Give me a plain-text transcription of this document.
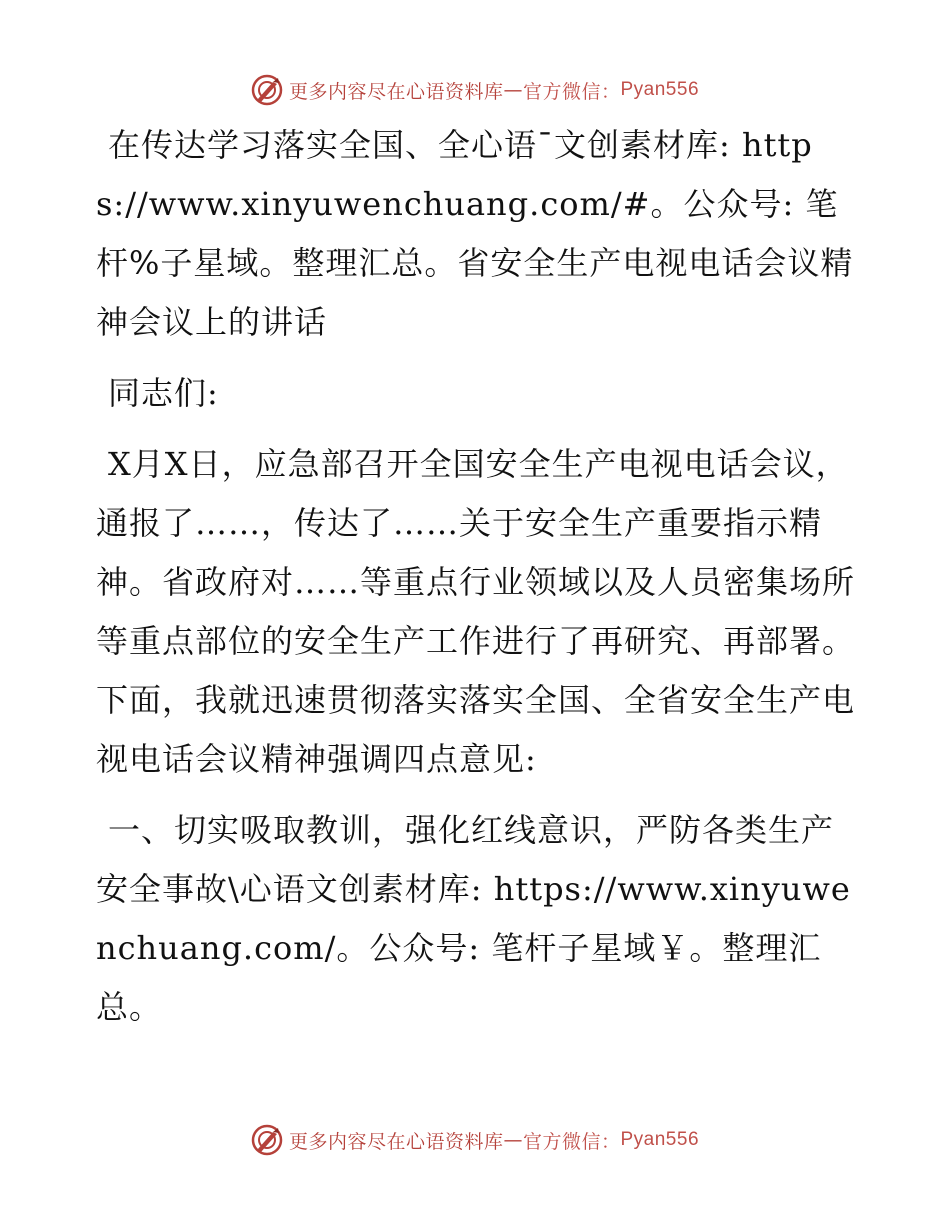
更多内容尽在心语资料库 — 官方微信： Pyan556

在传达学习落实全国、全心语¯文创素材库: https://www.xinyuwenchuang.com/#。公众号: 笔杆%子星域。整理汇总。省安全生产电视电话会议精神会议上的讲话

同志们:

X月X日，应急部召开全国安全生产电视电话会议，通报了……，传达了……关于安全生产重要指示精神。省政府对……等重点行业领域以及人员密集场所等重点部位的安全生产工作进行了再研究、再部署。下面，我就迅速贯彻落实落实全国、全省安全生产电视电话会议精神强调四点意见:

一、切实吸取教训，强化红线意识，严防各类生产安全事故\心语文创素材库: https://www.xinyuwenchuang.com/。公众号: 笔杆子星域￥。整理汇总。

更多内容尽在心语资料库 — 官方微信： Pyan556
